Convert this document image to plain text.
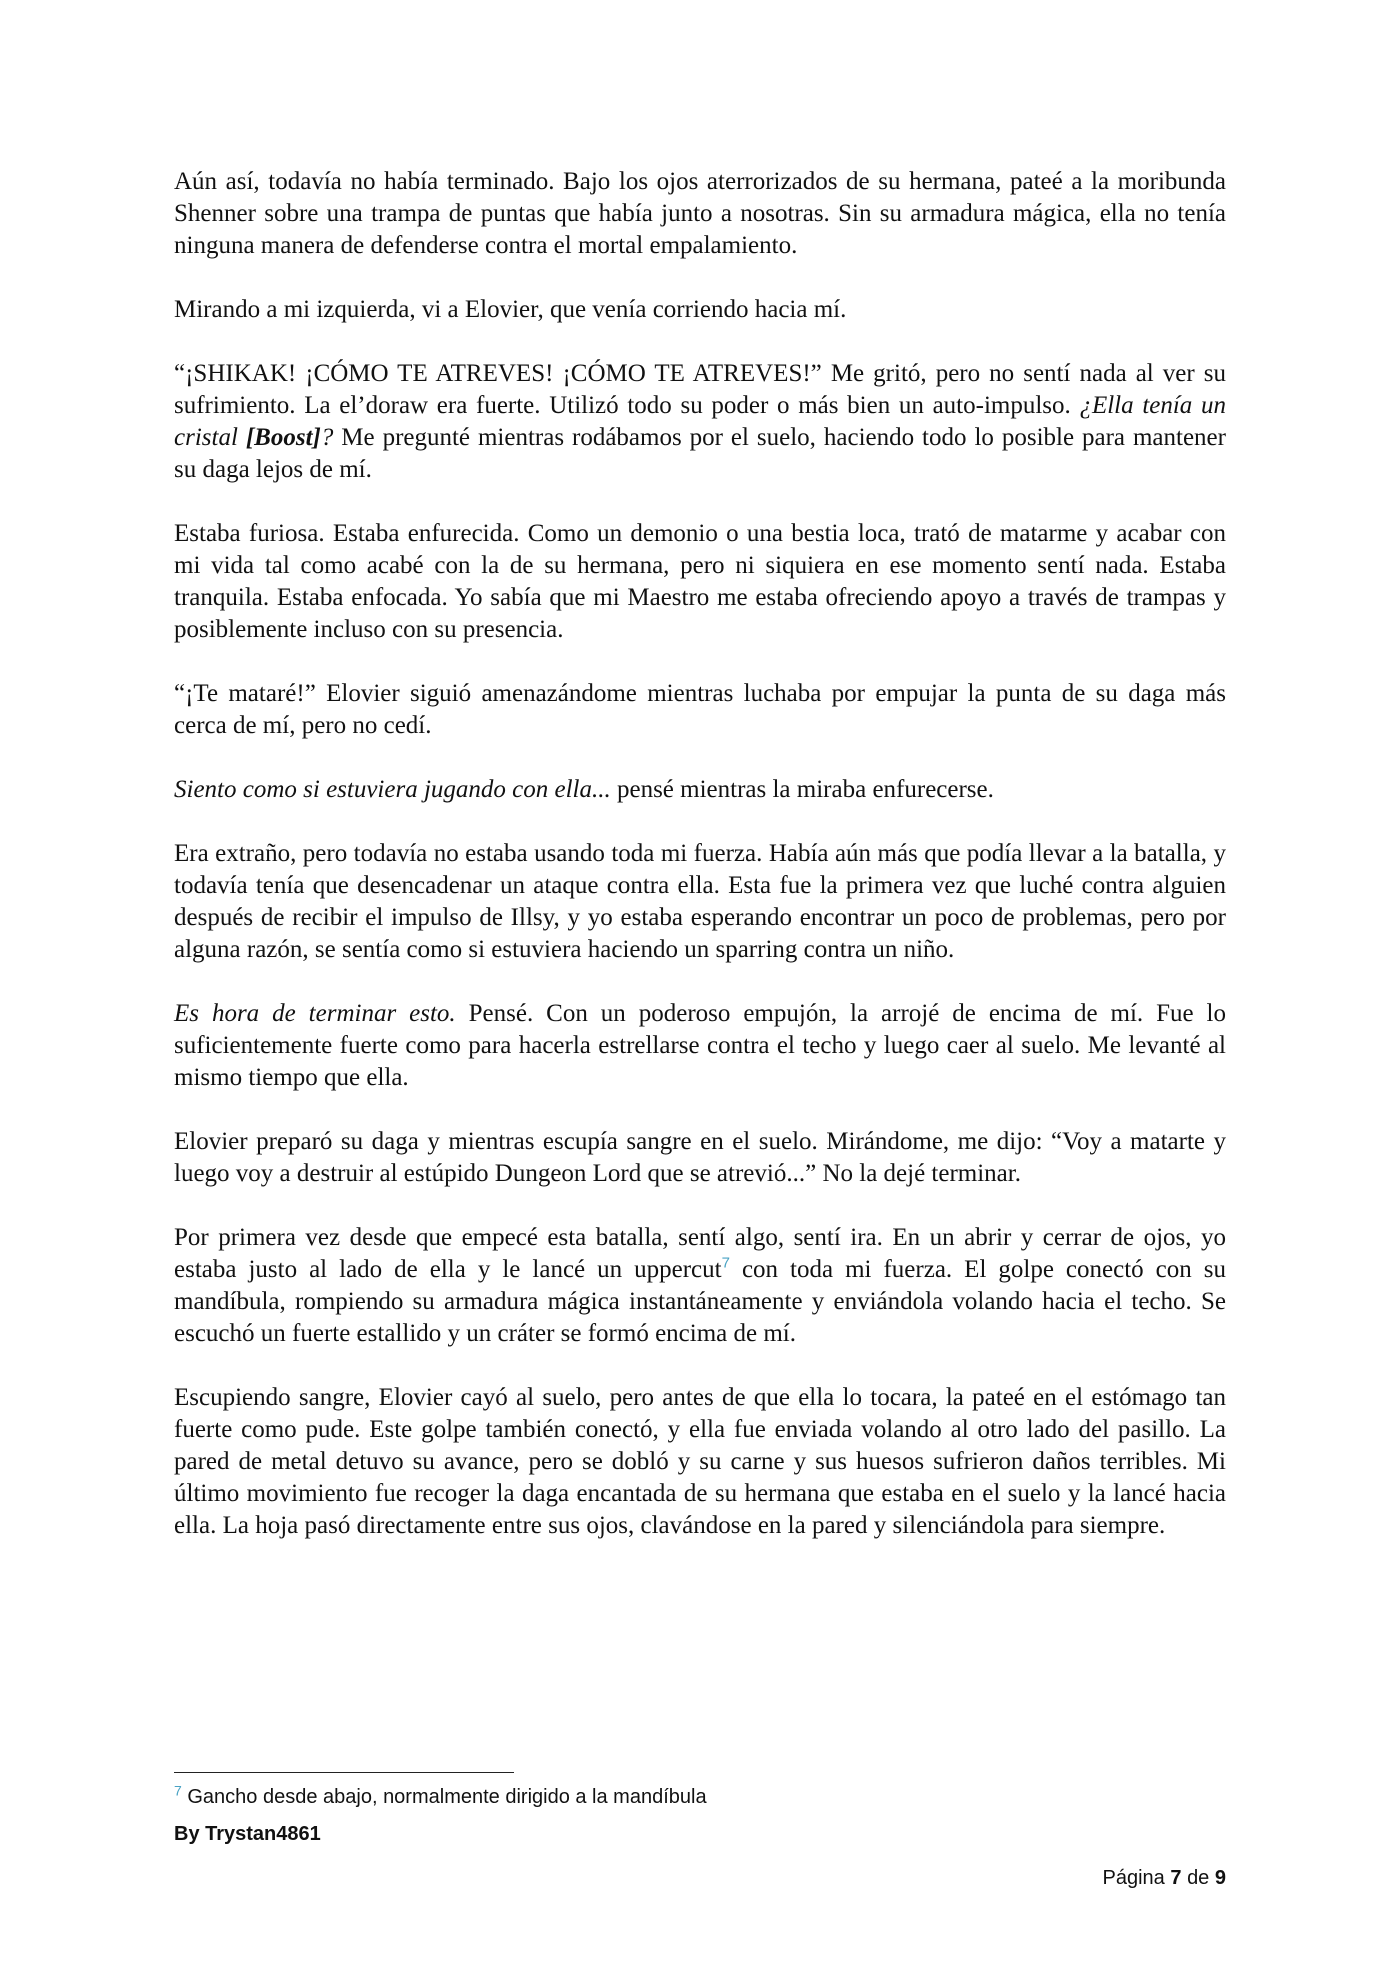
Aún así, todavía no había terminado. Bajo los ojos aterrorizados de su hermana, pateé a la moribunda Shenner sobre una trampa de puntas que había junto a nosotras. Sin su armadura mágica, ella no tenía ninguna manera de defenderse contra el mortal empalamiento.

Mirando a mi izquierda, vi a Elovier, que venía corriendo hacia mí.

“¡SHIKAK! ¡CÓMO TE ATREVES! ¡CÓMO TE ATREVES!” Me gritó, pero no sentí nada al ver su sufrimiento. La el’doraw era fuerte. Utilizó todo su poder o más bien un auto-impulso. ¿Ella tenía un cristal [Boost]? Me pregunté mientras rodábamos por el suelo, haciendo todo lo posible para mantener su daga lejos de mí.

Estaba furiosa. Estaba enfurecida. Como un demonio o una bestia loca, trató de matarme y acabar con mi vida tal como acabé con la de su hermana, pero ni siquiera en ese momento sentí nada. Estaba tranquila. Estaba enfocada. Yo sabía que mi Maestro me estaba ofreciendo apoyo a través de trampas y posiblemente incluso con su presencia.

“¡Te mataré!” Elovier siguió amenazándome mientras luchaba por empujar la punta de su daga más cerca de mí, pero no cedí.

Siento como si estuviera jugando con ella... pensé mientras la miraba enfurecerse.

Era extraño, pero todavía no estaba usando toda mi fuerza. Había aún más que podía llevar a la batalla, y todavía tenía que desencadenar un ataque contra ella. Esta fue la primera vez que luché contra alguien después de recibir el impulso de Illsy, y yo estaba esperando encontrar un poco de problemas, pero por alguna razón, se sentía como si estuviera haciendo un sparring contra un niño.

Es hora de terminar esto. Pensé. Con un poderoso empujón, la arrojé de encima de mí. Fue lo suficientemente fuerte como para hacerla estrellarse contra el techo y luego caer al suelo. Me levanté al mismo tiempo que ella.

Elovier preparó su daga y mientras escupía sangre en el suelo. Mirándome, me dijo: “Voy a matarte y luego voy a destruir al estúpido Dungeon Lord que se atrevió...” No la dejé terminar.

Por primera vez desde que empecé esta batalla, sentí algo, sentí ira. En un abrir y cerrar de ojos, yo estaba justo al lado de ella y le lancé un uppercut$^7$ con toda mi fuerza. El golpe conectó con su mandíbula, rompiendo su armadura mágica instantáneamente y enviándola volando hacia el techo. Se escuchó un fuerte estallido y un cráter se formó encima de mí.

Escupiendo sangre, Elovier cayó al suelo, pero antes de que ella lo tocara, la pateé en el estómago tan fuerte como pude. Este golpe también conectó, y ella fue enviada volando al otro lado del pasillo. La pared de metal detuvo su avance, pero se dobló y su carne y sus huesos sufrieron daños terribles. Mi último movimiento fue recoger la daga encantada de su hermana que estaba en el suelo y la lancé hacia ella. La hoja pasó directamente entre sus ojos, clavándose en la pared y silenciándola para siempre.

$^7$ Gancho desde abajo, normalmente dirigido a la mandíbula
By Trystan4861
Página 7 de 9
